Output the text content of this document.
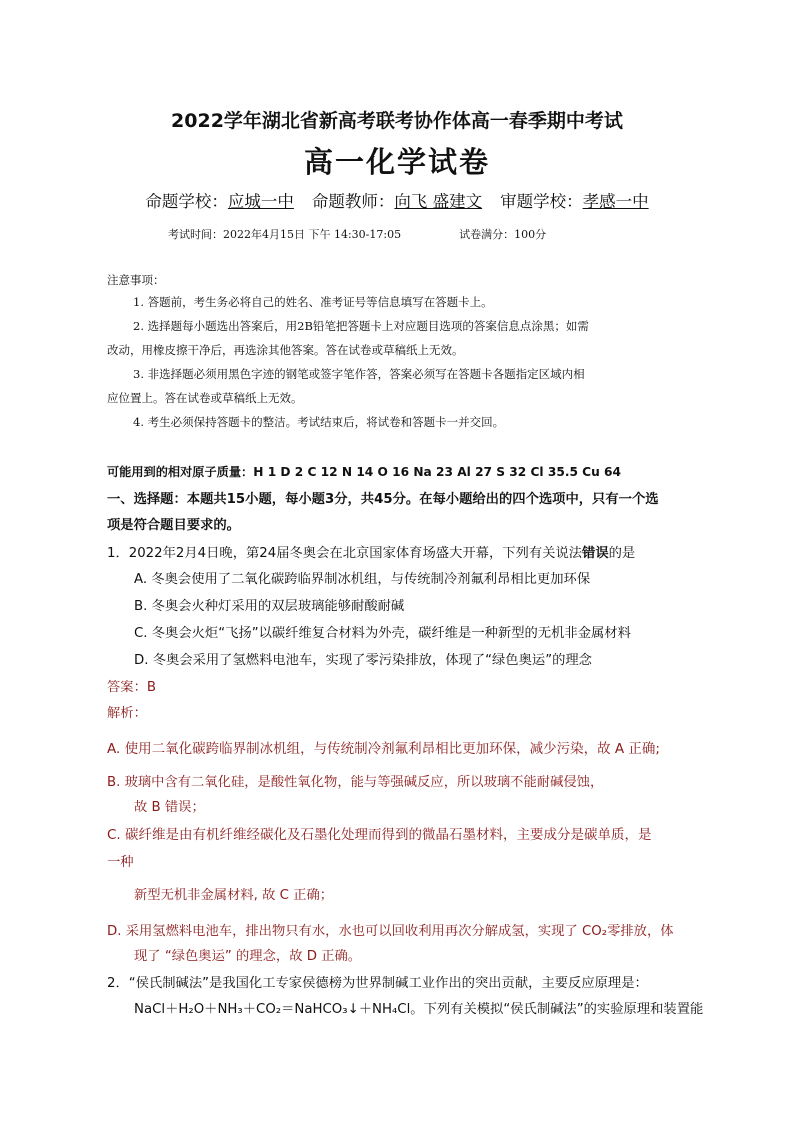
2022学年湖北省新高考联考协作体高一春季期中考试
高一化学试卷
命题学校：应城一中 命题教师：向飞 盛建文 审题学校：孝感一中
考试时间：2022年4月15日 下午 14:30-17:05	试卷满分：100分
注意事项：
1. 答题前，考生务必将自己的姓名、准考证号等信息填写在答题卡上。
2. 选择题每小题选出答案后，用2B铅笔把答题卡上对应题目选项的答案信息点涂黑；如需
改动，用橡皮擦干净后，再选涂其他答案。答在试卷或草稿纸上无效。
3. 非选择题必须用黑色字迹的钢笔或签字笔作答，答案必须写在答题卡各题指定区域内相
应位置上。答在试卷或草稿纸上无效。
4. 考生必须保持答题卡的整洁。考试结束后，将试卷和答题卡一并交回。
可能用到的相对原子质量：H 1 D 2 C 12 N 14 O 16 Na 23 Al 27 S 32 Cl 35.5 Cu 64
一、选择题：本题共15小题，每小题3分，共45分。在每小题给出的四个选项中，只有一个选
项是符合题目要求的。
1．2022年2月4日晚，第24届冬奥会在北京国家体育场盛大开幕，下列有关说法错误的是
A. 冬奥会使用了二氧化碳跨临界制冰机组，与传统制冷剂氟利昂相比更加环保
B. 冬奥会火种灯采用的双层玻璃能够耐酸耐碱
C. 冬奥会火炬“飞扬”以碳纤维复合材料为外壳，碳纤维是一种新型的无机非金属材料
D. 冬奥会采用了氢燃料电池车，实现了零污染排放，体现了“绿色奥运”的理念
答案：B
解析：
A. 使用二氧化碳跨临界制冰机组，与传统制冷剂氟利昂相比更加环保，减少污染，故 A 正确;
B. 玻璃中含有二氧化硅，是酸性氧化物，能与等强碱反应，所以玻璃不能耐碱侵蚀，
故 B 错误；
C. 碳纤维是由有机纤维经碳化及石墨化处理而得到的微晶石墨材料，主要成分是碳单质，是
一种
新型无机非金属材料, 故 C 正确；
D. 采用氢燃料电池车，排出物只有水，水也可以回收利用再次分解成氢，实现了 CO₂零排放，体
现了 “绿色奥运” 的理念，故 D 正确。
2．“侯氏制碱法”是我国化工专家侯德榜为世界制碱工业作出的突出贡献，主要反应原理是：
NaCl＋H₂O＋NH₃＋CO₂＝NaHCO₃↓＋NH₄Cl。下列有关模拟“侯氏制碱法”的实验原理和装置能
